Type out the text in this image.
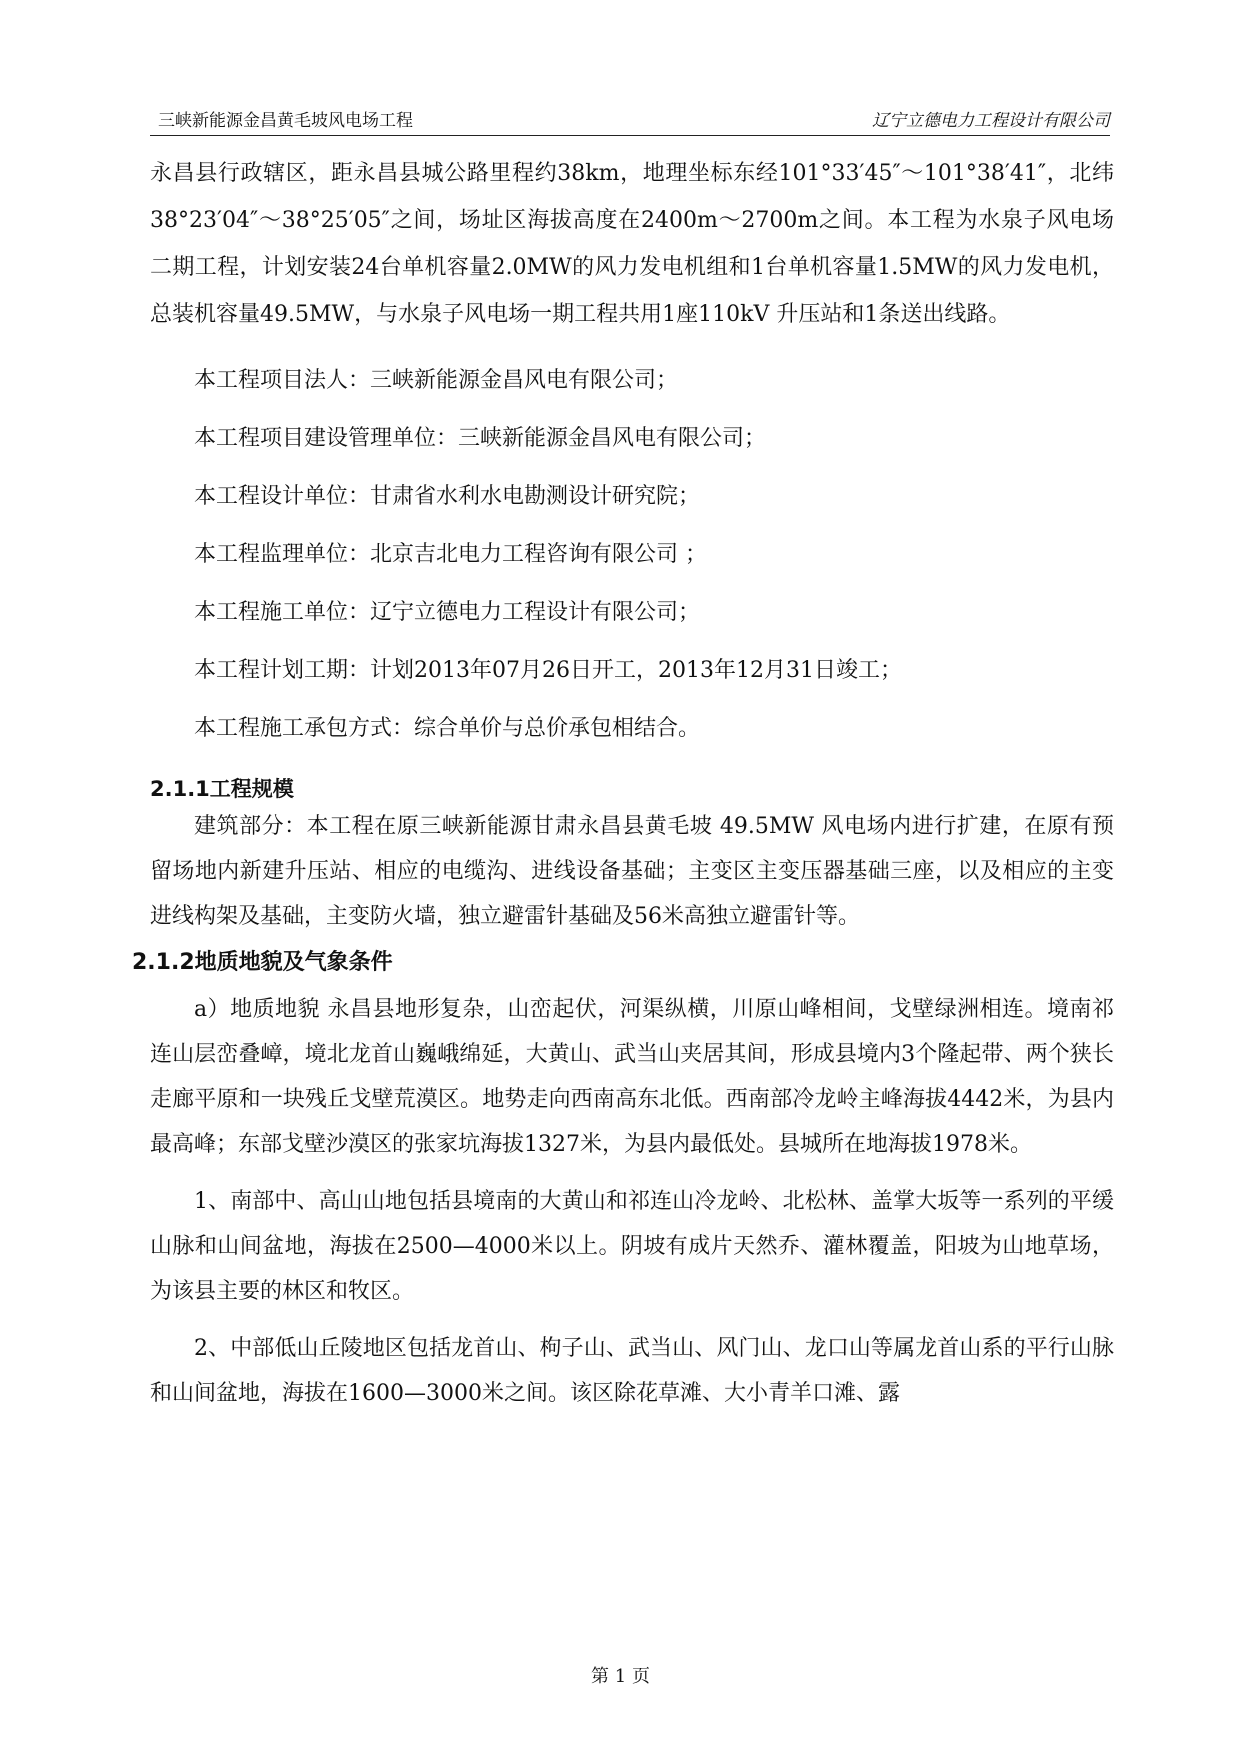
三峡新能源金昌黄毛坡风电场工程	辽宁立德电力工程设计有限公司

永昌县行政辖区，距永昌县城公路里程约38km，地理坐标东经101°33′45″～101°38′41″，北纬38°23′04″～38°25′05″之间，场址区海拔高度在2400m～2700m之间。本工程为水泉子风电场二期工程，计划安装24台单机容量2.0MW的风力发电机组和1台单机容量1.5MW的风力发电机，总装机容量49.5MW，与水泉子风电场一期工程共用1座110kV 升压站和1条送出线路。

本工程项目法人：三峡新能源金昌风电有限公司；

本工程项目建设管理单位：三峡新能源金昌风电有限公司；

本工程设计单位：甘肃省水利水电勘测设计研究院；

本工程监理单位：北京吉北电力工程咨询有限公司 ；

本工程施工单位：辽宁立德电力工程设计有限公司；

本工程计划工期：计划2013年07月26日开工，2013年12月31日竣工；

本工程施工承包方式：综合单价与总价承包相结合。

2.1.1工程规模

建筑部分：本工程在原三峡新能源甘肃永昌县黄毛坡 49.5MW 风电场内进行扩建，在原有预留场地内新建升压站、相应的电缆沟、进线设备基础；主变区主变压器基础三座，以及相应的主变进线构架及基础，主变防火墙，独立避雷针基础及56米高独立避雷针等。

2.1.2地质地貌及气象条件

a）地质地貌 永昌县地形复杂，山峦起伏，河渠纵横，川原山峰相间，戈壁绿洲相连。境南祁连山层峦叠嶂，境北龙首山巍峨绵延，大黄山、武当山夹居其间，形成县境内3个隆起带、两个狭长走廊平原和一块残丘戈壁荒漠区。地势走向西南高东北低。西南部冷龙岭主峰海拔4442米，为县内最高峰；东部戈壁沙漠区的张家坑海拔1327米，为县内最低处。县城所在地海拔1978米。

1、南部中、高山山地包括县境南的大黄山和祁连山冷龙岭、北松林、盖掌大坂等一系列的平缓山脉和山间盆地，海拔在2500—4000米以上。阴坡有成片天然乔、灌林覆盖，阳坡为山地草场，为该县主要的林区和牧区。

2、中部低山丘陵地区包括龙首山、枸子山、武当山、风门山、龙口山等属龙首山系的平行山脉和山间盆地，海拔在1600—3000米之间。该区除花草滩、大小青羊口滩、露

第 1 页
